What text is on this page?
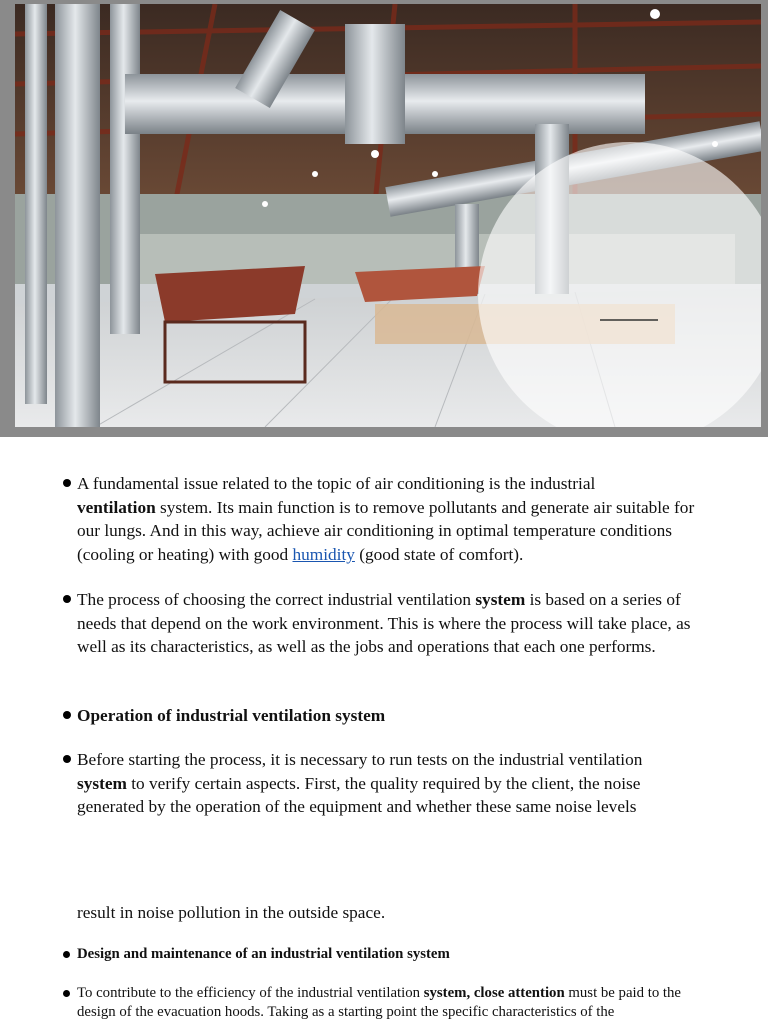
A fundamental issue related to the topic of air conditioning is the industrial
ventilation system. Its main function is to remove pollutants and generate air suitable for our lungs. And in this way, achieve air conditioning in optimal temperature conditions (cooling or heating) with good humidity (good state of comfort).
The process of choosing the correct industrial ventilation system is based on a series of needs that depend on the work environment. This is where the process will take place, as well as its characteristics, as well as the jobs and operations that each one performs.
Operation of industrial ventilation system
Before starting the process, it is necessary to run tests on the industrial ventilation
system to verify certain aspects. First, the quality required by the client, the noise generated by the operation of the equipment and whether these same noise levels
result in noise pollution in the outside space.
Design and maintenance of an industrial ventilation system
To contribute to the efficiency of the industrial ventilation system, close attention must be paid to the design of the evacuation hoods. Taking as a starting point the specific characteristics of the
